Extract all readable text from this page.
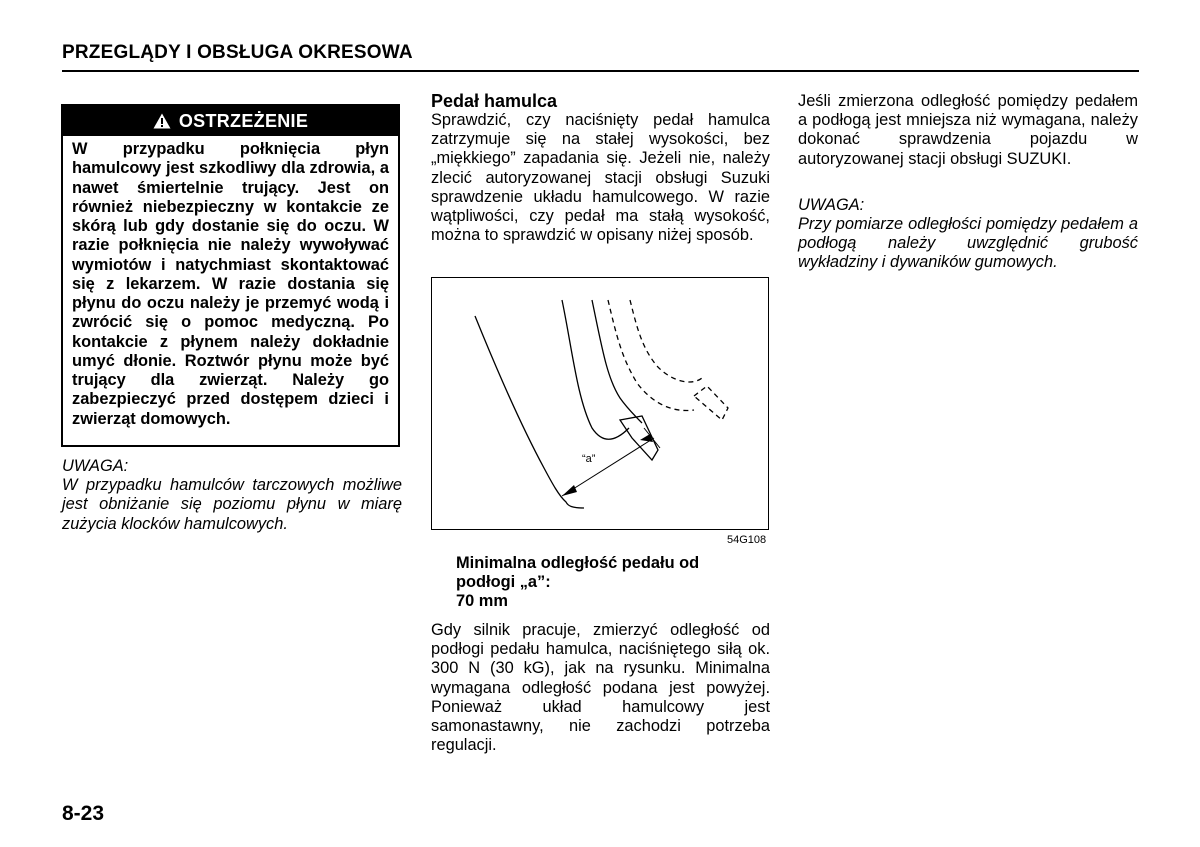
PRZEGLĄDY I OBSŁUGA OKRESOWA
OSTRZEŻENIE
W przypadku połknięcia płyn hamulcowy jest szkodliwy dla zdrowia, a nawet śmiertelnie trujący. Jest on również niebezpieczny w kontakcie ze skórą lub gdy dostanie się do oczu. W razie połknięcia nie należy wywoływać wymiotów i natychmiast skontaktować się z lekarzem. W razie dostania się płynu do oczu należy je przemyć wodą i zwrócić się o pomoc medyczną. Po kontakcie z płynem należy dokładnie umyć dłonie. Roztwór płynu może być trujący dla zwierząt. Należy go zabezpieczyć przed dostępem dzieci i zwierząt domowych.
UWAGA:
W przypadku hamulców tarczowych możliwe jest obniżanie się poziomu płynu w miarę zużycia klocków hamulcowych.
Pedał hamulca
Sprawdzić, czy naciśnięty pedał hamulca zatrzymuje się na stałej wysokości, bez „miękkiego” zapadania się. Jeżeli nie, należy zlecić autoryzowanej stacji obsługi Suzuki sprawdzenie układu hamulcowego. W razie wątpliwości, czy pedał ma stałą wysokość, można to sprawdzić w opisany niżej sposób.
“a”
54G108
Minimalna odległość pedału od podłogi „a”:
70 mm
Gdy silnik pracuje, zmierzyć odległość od podłogi pedału hamulca, naciśniętego siłą ok. 300 N (30 kG), jak na rysunku. Minimalna wymagana odległość podana jest powyżej. Ponieważ układ hamulcowy jest samonastawny, nie zachodzi potrzeba regulacji.
Jeśli zmierzona odległość pomiędzy pedałem a podłogą jest mniejsza niż wymagana, należy dokonać sprawdzenia pojazdu w autoryzowanej stacji obsługi SUZUKI.
UWAGA:
Przy pomiarze odległości pomiędzy pedałem a podłogą należy uwzględnić grubość wykładziny i dywaników gumowych.
8-23
